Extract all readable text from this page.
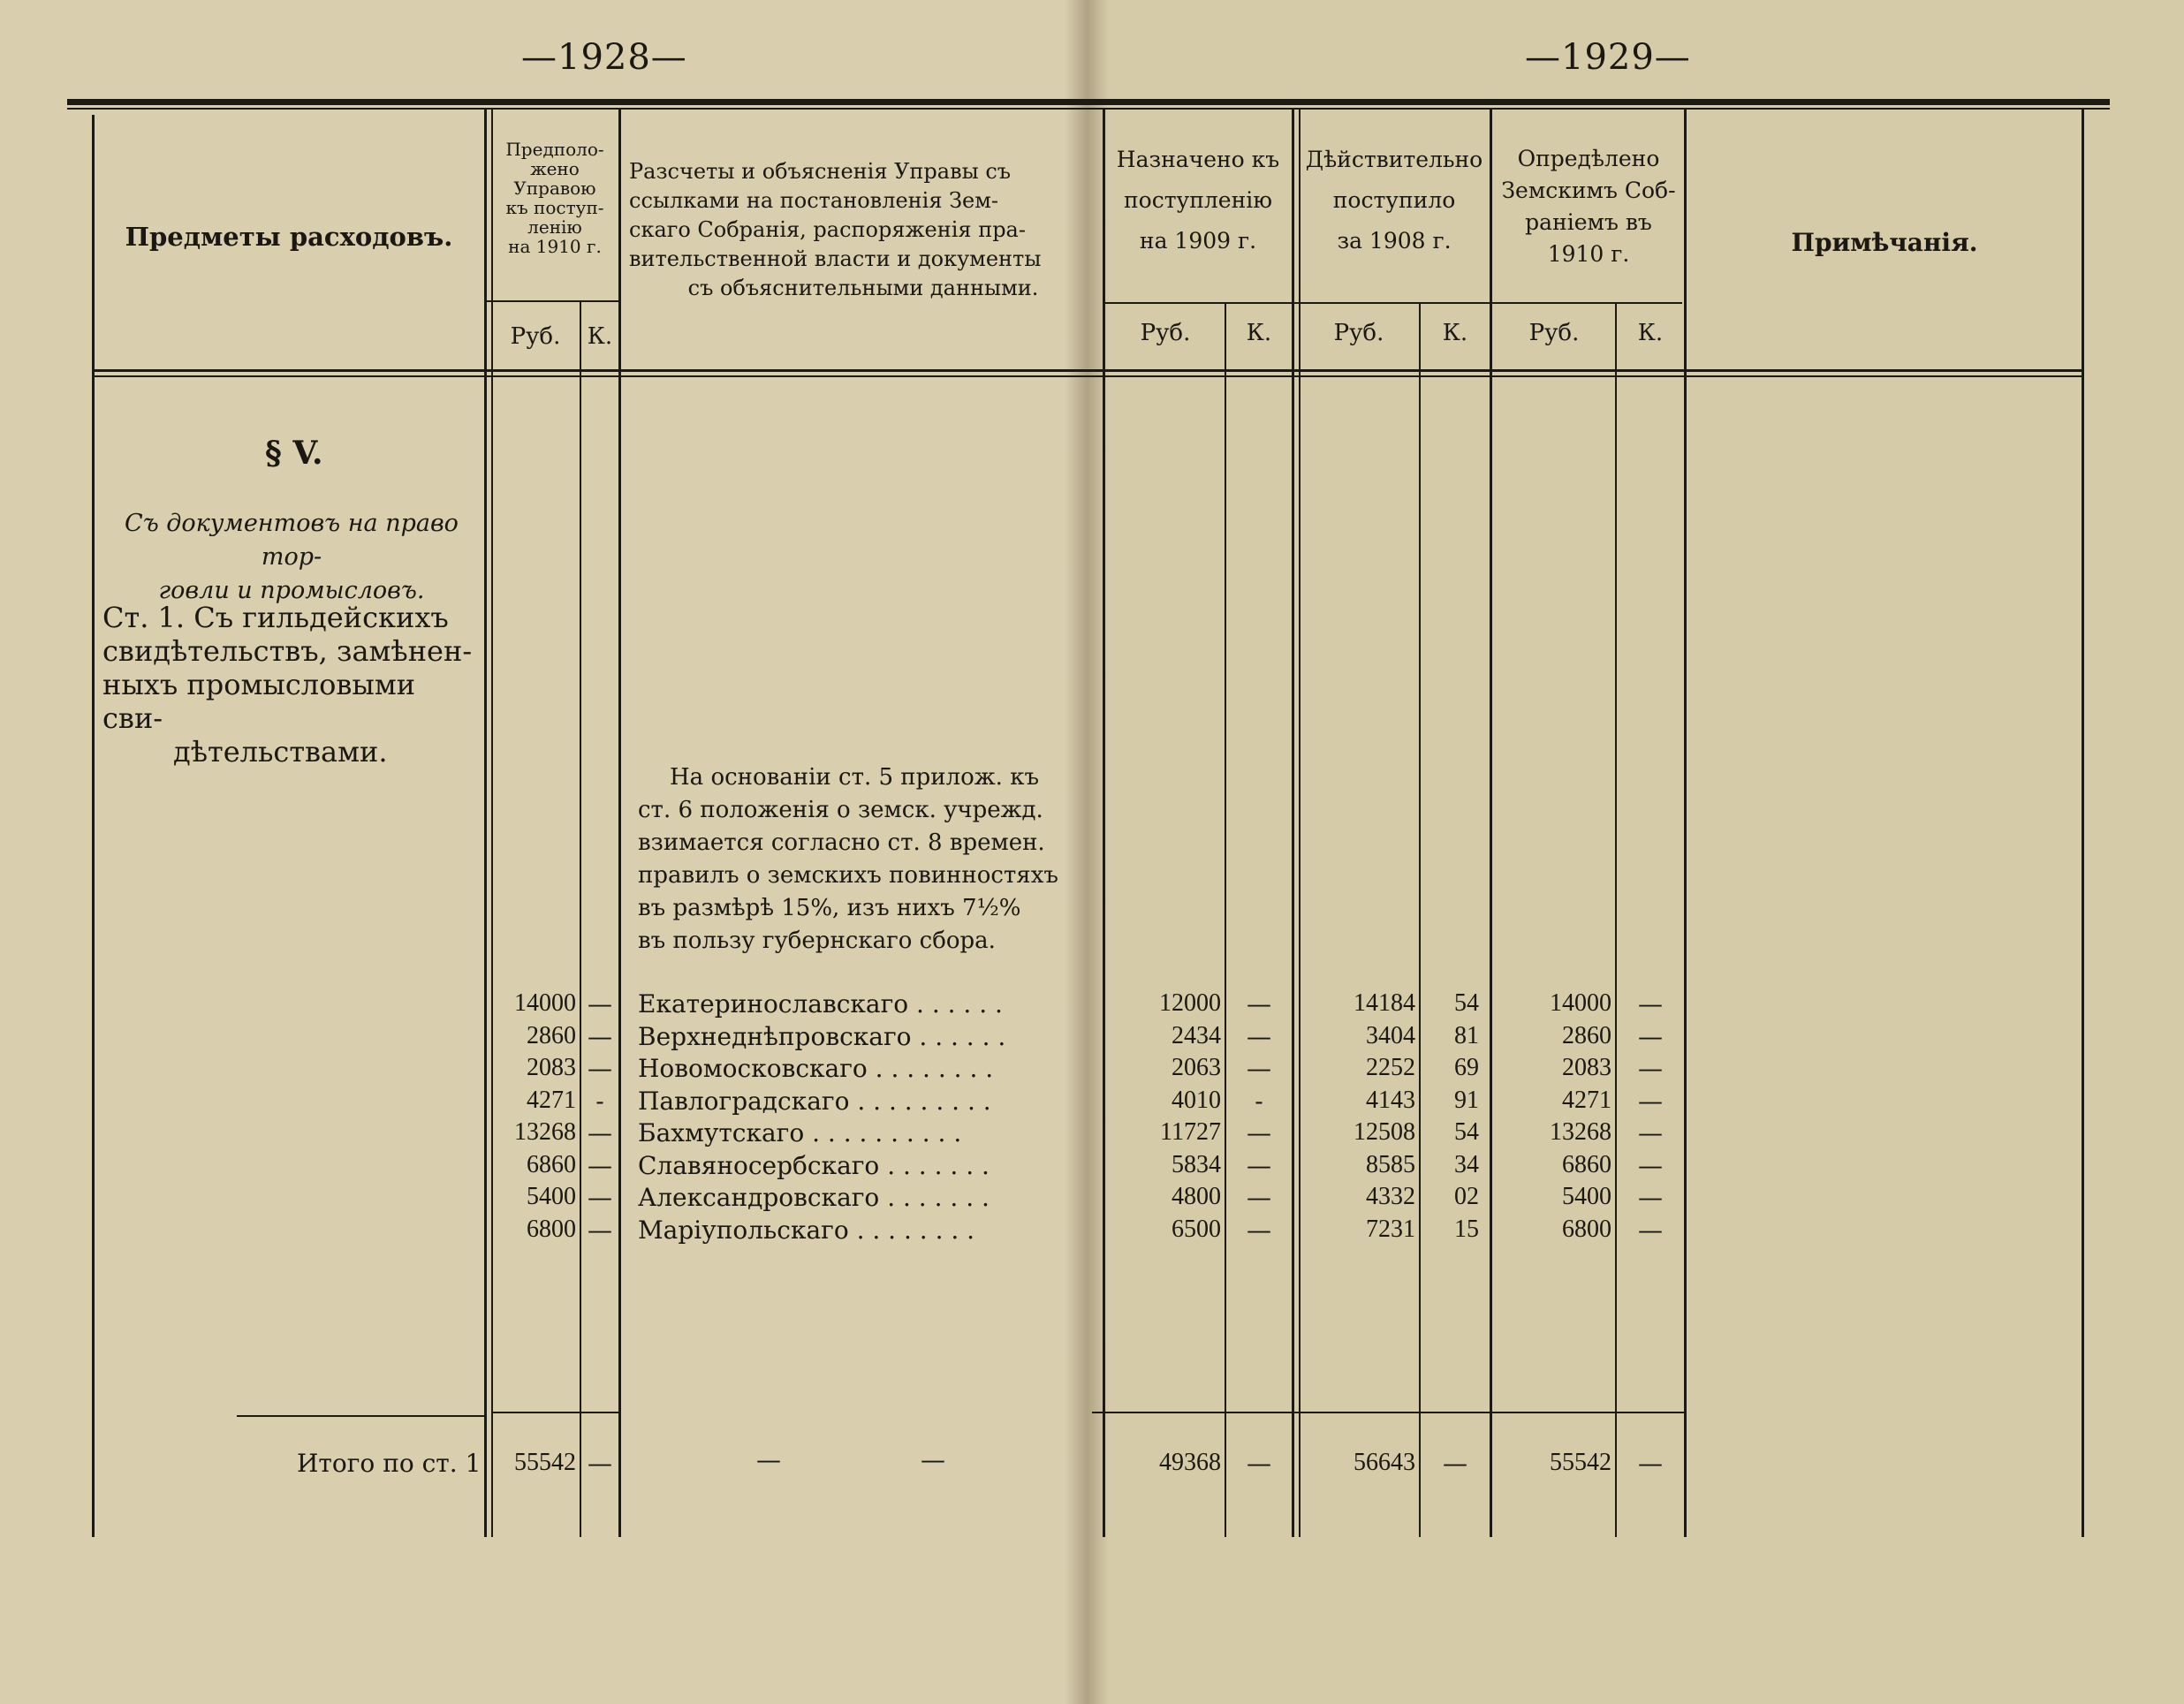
—1928—	—1929—
Предметы расходовъ.
Предполо-
жено
Управою
къ поступ-
ленію
на 1910 г.
Разсчеты и объясненія Управы съ
ссылками на постановленія Зем-
скаго Собранія, распоряженія пра-
вительственной власти и документы
съ объяснительными данными.
Назначено къ
поступленію
на 1909 г.
Дѣйствительно
поступило
за 1908 г.
Опредѣлено
Земскимъ Соб-
раніемъ въ
1910 г.	Примѣчанія.
Руб.	К.	Руб.	К.	Руб.	К.	Руб.	К.
§ V.
Съ документовъ на право тор-
говли и промысловъ.
Ст. 1. Съ гильдейскихъ
свидѣтельствъ, замѣнен-
ныхъ промысловыми сви-
дѣтельствами.
На основаніи ст. 5 прилож. къ
ст. 6 положенія о земск. учрежд.
взимается согласно ст. 8 времен.
правилъ о земскихъ повинностяхъ
въ размѣрѣ 15%, изъ нихъ 7½%
въ пользу губернскаго сбора.
14000 — Екатеринославскаго . . . . . .	12000	—	14184	54	14000	—
2860 — Верхнеднѣпровскаго . . . . . .	2434	—	3404	81	2860	—
2083 — Новомосковскаго . . . . . . . .	2063	—	2252	69	2083	—
4271 -	Павлоградскаго . . . . . . . . .	4010	-	4143	91	4271	—
13268 — Бахмутскаго . . . . . . . . . .	11727	—	12508	54	13268	—
6860 — Славяносербскаго . . . . . . .	5834	—	8585	34	6860	—
5400 — Александровскаго . . . . . . .	4800	—	4332	02	5400	—
6800 — Маріупольскаго . . . . . . . .	6500	—	7231	15	6800	—
Итого по ст. 1	55542 —	—	—	49368	—	56643	—	55542	—
